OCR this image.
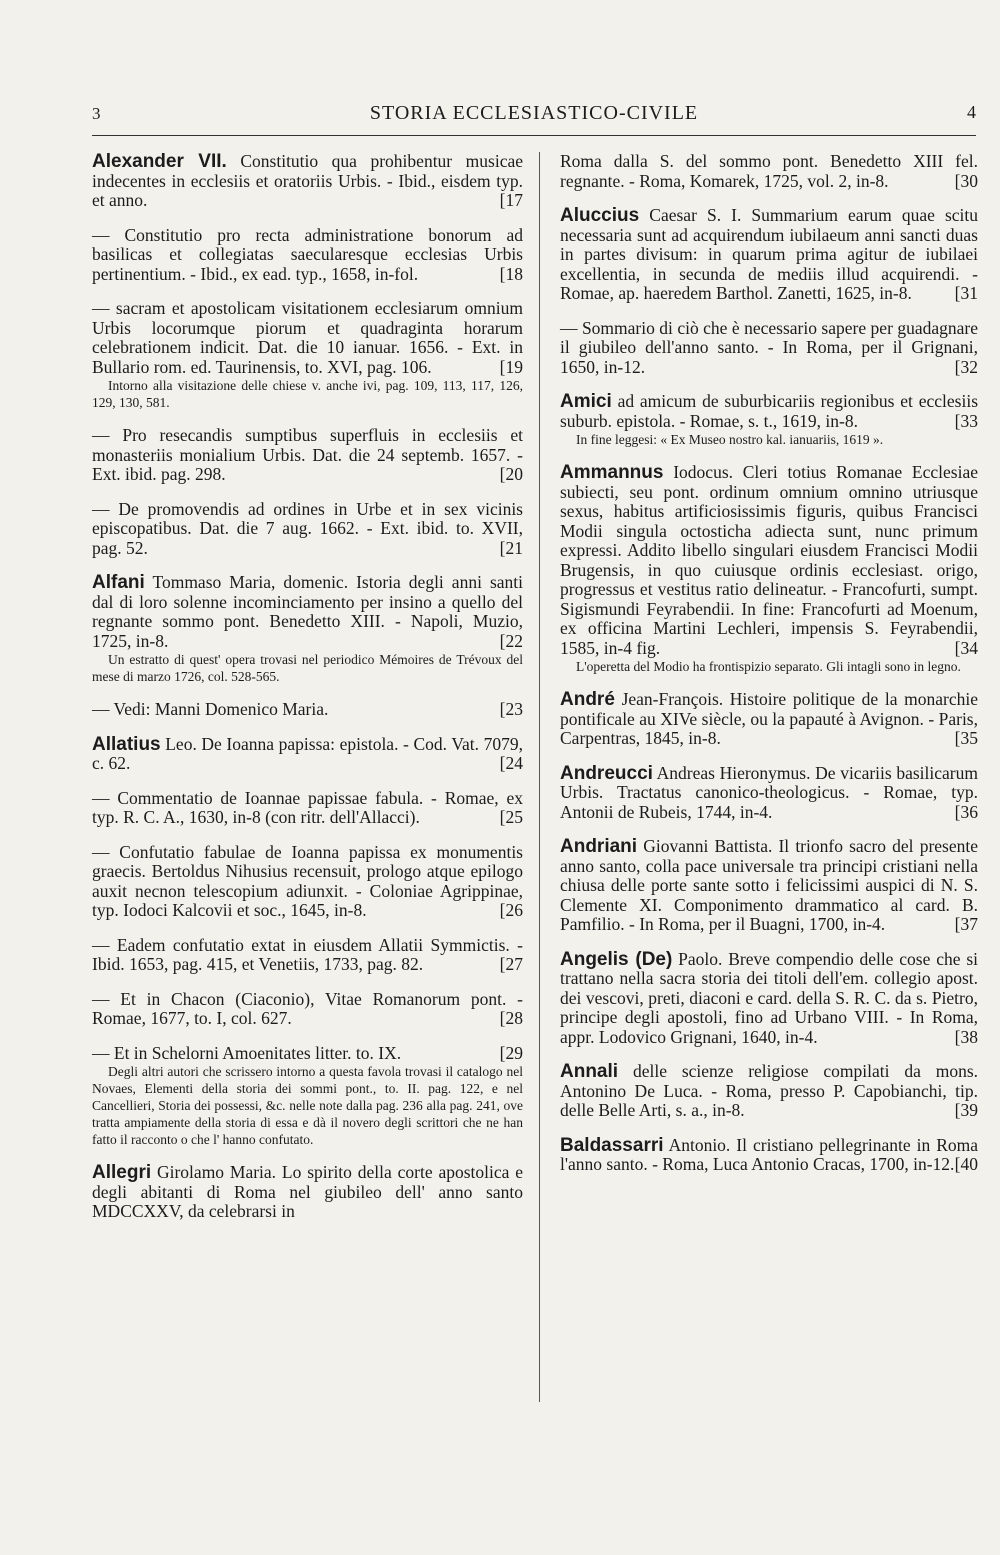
3	STORIA ECCLESIASTICO-CIVILE	4

Alexander VII. Constitutio qua prohibentur musicae indecentes in ecclesiis et oratoriis Urbis. - Ibid., eisdem typ. et anno.	[17

— Constitutio pro recta administratione bonorum ad basilicas et collegiatas saecularesque ecclesias Urbis pertinentium. - Ibid., ex ead. typ., 1658, in-fol.	[18

— sacram et apostolicam visitationem ecclesiarum omnium Urbis locorumque piorum et quadraginta horarum celebrationem indicit. Dat. die 10 ianuar. 1656. - Ext. in Bullario rom. ed. Taurinensis, to. XVI, pag. 106.	[19

Intorno alla visitazione delle chiese v. anche ivi, pag. 109, 113, 117, 126, 129, 130, 581.

— Pro resecandis sumptibus superfluis in ecclesiis et monasteriis monialium Urbis. Dat. die 24 septemb. 1657. - Ext. ibid. pag. 298.	[20

— De promovendis ad ordines in Urbe et in sex vicinis episcopatibus. Dat. die 7 aug. 1662. - Ext. ibid. to. XVII, pag. 52.	[21

Alfani Tommaso Maria, domenic. Istoria degli anni santi dal di loro solenne incominciamento per insino a quello del regnante sommo pont. Benedetto XIII. - Napoli, Muzio, 1725, in-8.	[22

Un estratto di quest' opera trovasi nel periodico Mémoires de Trévoux del mese di marzo 1726, col. 528-565.

— Vedi: Manni Domenico Maria.	[23

Allatius Leo. De Ioanna papissa: epistola. - Cod. Vat. 7079, c. 62.	[24

— Commentatio de Ioannae papissae fabula. - Romae, ex typ. R. C. A., 1630, in-8 (con ritr. dell'Allacci).	[25

— Confutatio fabulae de Ioanna papissa ex monumentis graecis. Bertoldus Nihusius recensuit, prologo atque epilogo auxit necnon telescopium adiunxit. - Coloniae Agrippinae, typ. Iodoci Kalcovii et soc., 1645, in-8.	[26

— Eadem confutatio extat in eiusdem Allatii Symmictis. - Ibid. 1653, pag. 415, et Venetiis, 1733, pag. 82.	[27

— Et in Chacon (Ciaconio), Vitae Romanorum pont. - Romae, 1677, to. I, col. 627.	[28

— Et in Schelorni Amoenitates litter. to. IX.	[29

Degli altri autori che scrissero intorno a questa favola trovasi il catalogo nel Novaes, Elementi della storia dei sommi pont., to. II. pag. 122, e nel Cancellieri, Storia dei possessi, &c. nelle note dalla pag. 236 alla pag. 241, ove tratta ampiamente della storia di essa e dà il novero degli scrittori che ne han fatto il racconto o che l' hanno confutato.

Allegri Girolamo Maria. Lo spirito della corte apostolica e degli abitanti di Roma nel giubileo dell' anno santo MDCCXXV, da celebrarsi in

Roma dalla S. del sommo pont. Benedetto XIII fel. regnante. - Roma, Komarek, 1725, vol. 2, in-8.	[30

Aluccius Caesar S. I. Summarium earum quae scitu necessaria sunt ad acquirendum iubilaeum anni sancti duas in partes divisum: in quarum prima agitur de iubilaei excellentia, in secunda de mediis illud acquirendi. - Romae, ap. haeredem Barthol. Zanetti, 1625, in-8. [31

— Sommario di ciò che è necessario sapere per guadagnare il giubileo dell'anno santo. - In Roma, per il Grignani, 1650, in-12.	[32

Amici ad amicum de suburbicariis regionibus et ecclesiis suburb. epistola. - Romae, s. t., 1619, in-8.	[33

In fine leggesi: « Ex Museo nostro kal. ianuariis, 1619 ».

Ammannus Iodocus. Cleri totius Romanae Ecclesiae subiecti, seu pont. ordinum omnium omnino utriusque sexus, habitus artificiosissimis figuris, quibus Francisci Modii singula octosticha adiecta sunt, nunc primum expressi. Addito libello singulari eiusdem Francisci Modii Brugensis, in quo cuiusque ordinis ecclesiast. origo, progressus et vestitus ratio delineatur. - Francofurti, sumpt. Sigismundi Feyrabendii. In fine: Francofurti ad Moenum, ex officina Martini Lechleri, impensis S. Feyrabendii, 1585, in-4 fig.	[34

L'operetta del Modio ha frontispizio separato. Gli intagli sono in legno.

André Jean-François. Histoire politique de la monarchie pontificale au XIVe siècle, ou la papauté à Avignon. - Paris, Carpentras, 1845, in-8.	[35

Andreucci Andreas Hieronymus. De vicariis basilicarum Urbis. Tractatus canonico-theologicus. - Romae, typ. Antonii de Rubeis, 1744, in-4.	[36

Andriani Giovanni Battista. Il trionfo sacro del presente anno santo, colla pace universale tra principi cristiani nella chiusa delle porte sante sotto i felicissimi auspici di N. S. Clemente XI. Componimento drammatico al card. B. Pamfilio. - In Roma, per il Buagni, 1700, in-4.	[37

Angelis (De) Paolo. Breve compendio delle cose che si trattano nella sacra storia dei titoli dell'em. collegio apost. dei vescovi, preti, diaconi e card. della S. R. C. da s. Pietro, principe degli apostoli, fino ad Urbano VIII. - In Roma, appr. Lodovico Grignani, 1640, in-4.	[38

Annali delle scienze religiose compilati da mons. Antonino De Luca. - Roma, presso P. Capobianchi, tip. delle Belle Arti, s. a., in-8.	[39

Baldassarri Antonio. Il cristiano pellegrinante in Roma l'anno santo. - Roma, Luca Antonio Cracas, 1700, in-12. [40
